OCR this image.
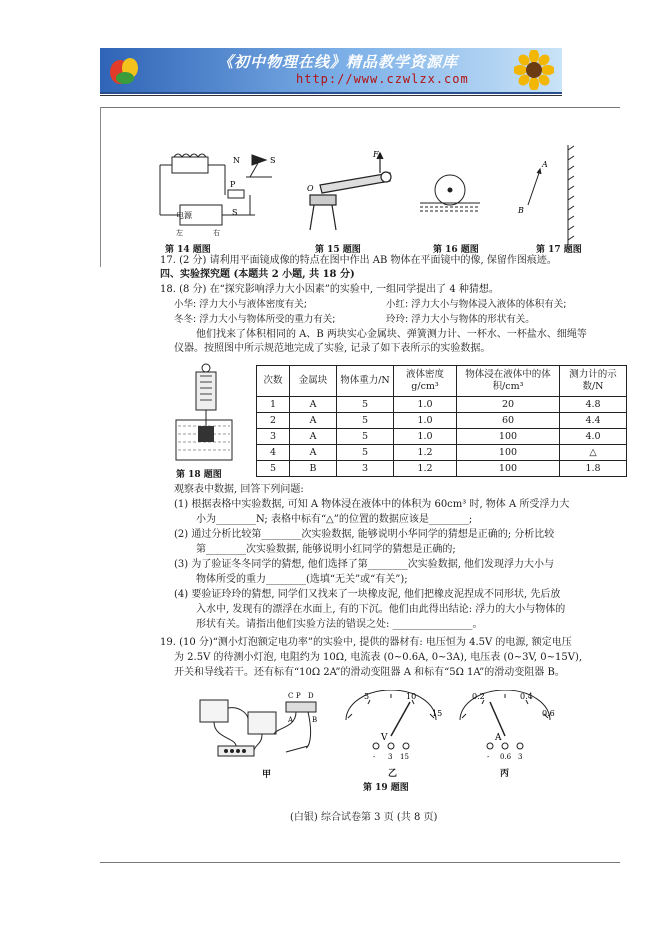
《初中物理在线》精品教学资源库
http://www.czwlzx.com
电源
左	右
N	S
P
S
F₁
O
A
B
第 14 题图	第 15 题图	第 16 题图	第 17 题图
17. (2 分) 请利用平面镜成像的特点在图中作出 AB 物体在平面镜中的像, 保留作图痕迹。
四、实验探究题 (本题共 2 小题, 共 18 分)
18. (8 分) 在“探究影响浮力大小因素”的实验中, 一组同学提出了 4 种猜想。
小华: 浮力大小与液体密度有关;	小红: 浮力大小与物体浸入液体的体积有关;
冬冬: 浮力大小与物体所受的重力有关;	玲玲: 浮力大小与物体的形状有关。
他们找来了体积相同的 A、B 两块实心金属块、弹簧测力计、一杯水、一杯盐水、细绳等
仪器。按照图中所示规范地完成了实验, 记录了如下表所示的实验数据。
第 18 题图
次数	金属块	物体重力/N	液体密度 g/cm³	物体浸在液体中的体积/cm³	测力计的示数/N
1	A	5	1.0	20	4.8
2	A	5	1.0	60	4.4
3	A	5	1.0	100	4.0
4	A	5	1.2	100	△
5	B	3	1.2	100	1.8
观察表中数据, 回答下列问题:
(1) 根据表格中实验数据, 可知 A 物体浸在液体中的体积为 60cm³ 时, 物体 A 所受浮力大
小为________N; 表格中标有“△”的位置的数据应该是________;
(2) 通过分析比较第________次实验数据, 能够说明小华同学的猜想是正确的; 分析比较
第________次实验数据, 能够说明小红同学的猜想是正确的;
(3) 为了验证冬冬同学的猜想, 他们选择了第________次实验数据, 他们发现浮力大小与
物体所受的重力________(选填“无关”或“有关”);
(4) 要验证玲玲的猜想, 同学们又找来了一块橡皮泥, 他们把橡皮泥捏成不同形状, 先后放
入水中, 发现有的漂浮在水面上, 有的下沉。他们由此得出结论: 浮力的大小与物体的
形状有关。请指出他们实验方法的错误之处: ________________。
19. (10 分)“测小灯泡额定电功率”的实验中, 提供的器材有: 电压恒为 4.5V 的电源, 额定电压
为 2.5V 的待测小灯泡, 电阻约为 10Ω, 电流表 (0~0.6A, 0~3A), 电压表 (0~3V, 0~15V),
开关和导线若干。还有标有“10Ω 2A”的滑动变阻器 A 和标有“5Ω 1A”的滑动变阻器 B。
C P D
A	B
甲
5	10
15
V
- 3 15
乙
0.2	0.4
0.6
A
- 0.6 3
丙
第 19 题图
(白银) 综合试卷第 3 页 (共 8 页)
